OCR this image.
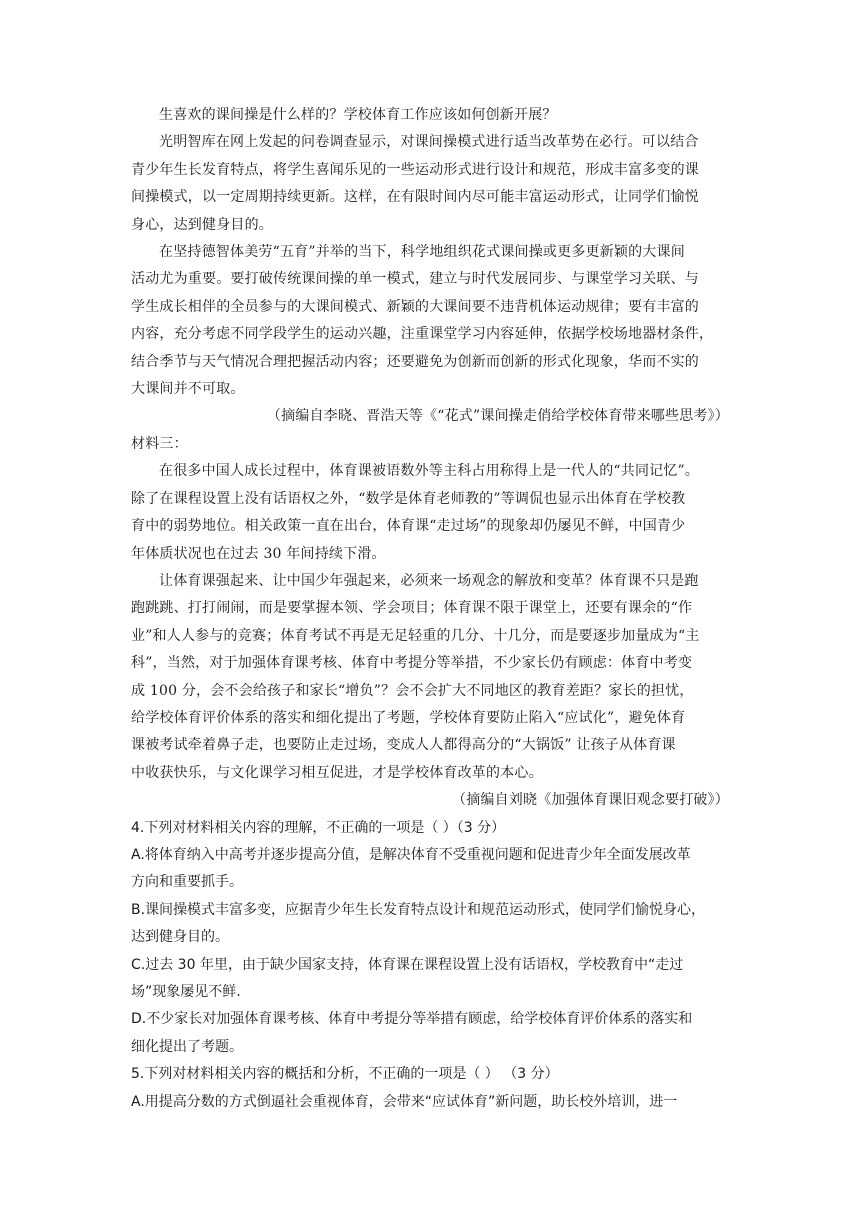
生喜欢的课间操是什么样的？学校体育工作应该如何创新开展？
光明智库在网上发起的问卷调查显示，对课间操模式进行适当改革势在必行。可以结合
青少年生长发育特点，将学生喜闻乐见的一些运动形式进行设计和规范，形成丰富多变的课
间操模式，以一定周期持续更新。这样，在有限时间内尽可能丰富运动形式，让同学们愉悦
身心，达到健身目的。
在坚持德智体美劳“五育”并举的当下，科学地组织花式课间操或更多更新颖的大课间
活动尤为重要。要打破传统课间操的单一模式，建立与时代发展同步、与课堂学习关联、与
学生成长相伴的全员参与的大课间模式、新颖的大课间要不违背机体运动规律；要有丰富的
内容，充分考虑不同学段学生的运动兴趣，注重课堂学习内容延伸，依据学校场地器材条件，
结合季节与天气情况合理把握活动内容；还要避免为创新而创新的形式化现象，华而不实的
大课间并不可取。
（摘编自李晓、晋浩天等《“花式”课间操走俏给学校体育带来哪些思考》）
材料三：
在很多中国人成长过程中，体育课被语数外等主科占用称得上是一代人的“共同记忆”。
除了在课程设置上没有话语权之外，“数学是体育老师教的”等调侃也显示出体育在学校教
育中的弱势地位。相关政策一直在出台，体育课“走过场”的现象却仍屡见不鲜，中国青少
年体质状况也在过去 30 年间持续下滑。
让体育课强起来、让中国少年强起来，必须来一场观念的解放和变革？体育课不只是跑
跑跳跳、打打闹闹，而是要掌握本领、学会项目；体育课不限于课堂上，还要有课余的“作
业”和人人参与的竞赛；体育考试不再是无足轻重的几分、十几分，而是要逐步加量成为“主
科”，当然，对于加强体育课考核、体育中考提分等举措，不少家长仍有顾虑：体育中考变
成 100 分，会不会给孩子和家长“增负”？会不会扩大不同地区的教育差距？家长的担忧，
给学校体育评价体系的落实和细化提出了考题，学校体育要防止陷入“应试化”，避免体育
课被考试牵着鼻子走，也要防止走过场，变成人人都得高分的“大锅饭” 让孩子从体育课
中收获快乐，与文化课学习相互促进，才是学校体育改革的本心。
（摘编自刘晓《加强体育课旧观念要打破》）
4.下列对材料相关内容的理解，不正确的一项是（ ）（3 分）
A.将体育纳入中高考并逐步提高分值，是解决体育不受重视问题和促进青少年全面发展改革
方向和重要抓手。
B.课间操模式丰富多变，应据青少年生长发育特点设计和规范运动形式，使同学们愉悦身心，
达到健身目的。
C.过去 30 年里，由于缺少国家支持，体育课在课程设置上没有话语权，学校教育中“走过
场”现象屡见不鲜.
D.不少家长对加强体育课考核、体育中考提分等举措有顾虑，给学校体育评价体系的落实和
细化提出了考题。
5.下列对材料相关内容的概括和分析，不正确的一项是（ ） （3 分）
A.用提高分数的方式倒逼社会重视体育，会带来“应试体育”新问题，助长校外培训，进一
